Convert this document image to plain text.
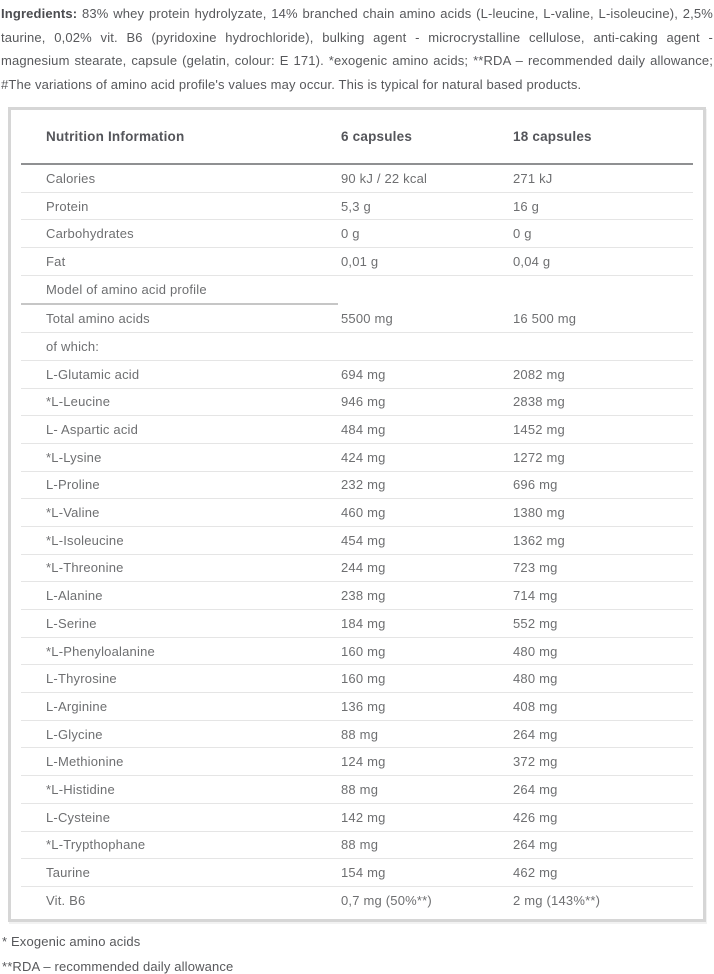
Ingredients: 83% whey protein hydrolyzate, 14% branched chain amino acids (L-leucine, L-valine, L-isoleucine), 2,5% taurine, 0,02% vit. B6 (pyridoxine hydrochloride), bulking agent - microcrystalline cellulose, anti-caking agent - magnesium stearate, capsule (gelatin, colour: E 171). *exogenic amino acids; **RDA – recommended daily allowance; #The variations of amino acid profile's values may occur. This is typical for natural based products.

Nutrition Information	6 capsules	18 capsules
Calories	90 kJ / 22 kcal	271 kJ
Protein	5,3 g	16 g
Carbohydrates	0 g	0 g
Fat	0,01 g	0,04 g
Model of amino acid profile
Total amino acids	5500 mg	16 500 mg
of which:
L-Glutamic acid	694 mg	2082 mg
*L-Leucine	946 mg	2838 mg
L- Aspartic acid	484 mg	1452 mg
*L-Lysine	424 mg	1272 mg
L-Proline	232 mg	696 mg
*L-Valine	460 mg	1380 mg
*L-Isoleucine	454 mg	1362 mg
*L-Threonine	244 mg	723 mg
L-Alanine	238 mg	714 mg
L-Serine	184 mg	552 mg
*L-Phenyloalanine	160 mg	480 mg
L-Thyrosine	160 mg	480 mg
L-Arginine	136 mg	408 mg
L-Glycine	88 mg	264 mg
L-Methionine	124 mg	372 mg
*L-Histidine	88 mg	264 mg
L-Cysteine	142 mg	426 mg
*L-Trypthophane	88 mg	264 mg
Taurine	154 mg	462 mg
Vit. B6	0,7 mg (50%**)	2 mg (143%**)

* Exogenic amino acids

**RDA – recommended daily allowance
